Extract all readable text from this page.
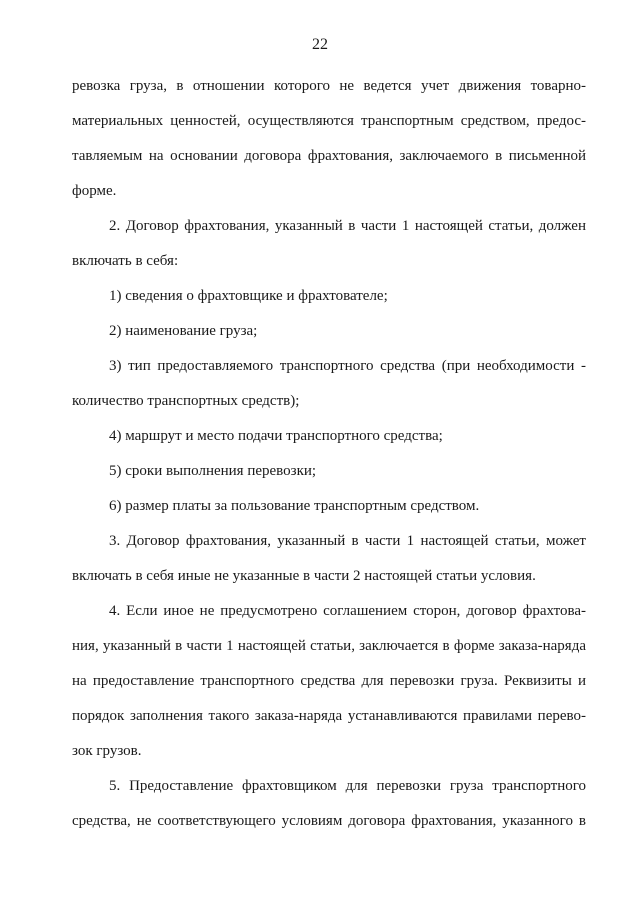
22
ревозка груза, в отношении которого не ведется учет движения товарно-
материальных ценностей, осуществляются транспортным средством, предос-
тавляемым на основании договора фрахтования, заключаемого в письменной
форме.
2. Договор фрахтования, указанный в части 1 настоящей статьи, должен
включать в себя:
1) сведения о фрахтовщике и фрахтователе;
2) наименование груза;
3) тип предоставляемого транспортного средства (при необходимости -
количество транспортных средств);
4) маршрут и место подачи транспортного средства;
5) сроки выполнения перевозки;
6) размер платы за пользование транспортным средством.
3. Договор фрахтования, указанный в части 1 настоящей статьи, может
включать в себя иные не указанные в части 2 настоящей статьи условия.
4. Если иное не предусмотрено соглашением сторон, договор фрахтова-
ния, указанный в части 1 настоящей статьи, заключается в форме заказа-наряда
на предоставление транспортного средства для перевозки груза. Реквизиты и
порядок заполнения такого заказа-наряда устанавливаются правилами перево-
зок грузов.
5. Предоставление фрахтовщиком для перевозки груза транспортного
средства, не соответствующего условиям договора фрахтования, указанного в
